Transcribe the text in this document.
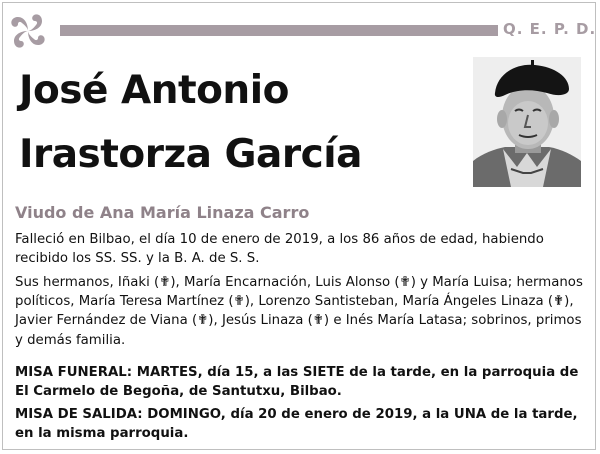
Q. E. P. D.
José Antonio
Irastorza García
Viudo de Ana María Linaza Carro
Falleció en Bilbao, el día 10 de enero de 2019, a los 86 años de edad, habiendo recibido los SS. SS. y la B. A. de S. S.
Sus hermanos, Iñaki (✟), María Encarnación, Luis Alonso (✟) y María Luisa; hermanos políticos, María Teresa Martínez (✟), Lorenzo Santisteban, María Ángeles Linaza (✟), Javier Fernández de Viana (✟), Jesús Linaza (✟) e Inés María Latasa; sobrinos, primos y demás familia.
MISA FUNERAL: MARTES, día 15, a las SIETE de la tarde, en la parroquia de El Carmelo de Begoña, de Santutxu, Bilbao.
MISA DE SALIDA: DOMINGO, día 20 de enero de 2019, a la UNA de la tarde, en la misma parroquia.
